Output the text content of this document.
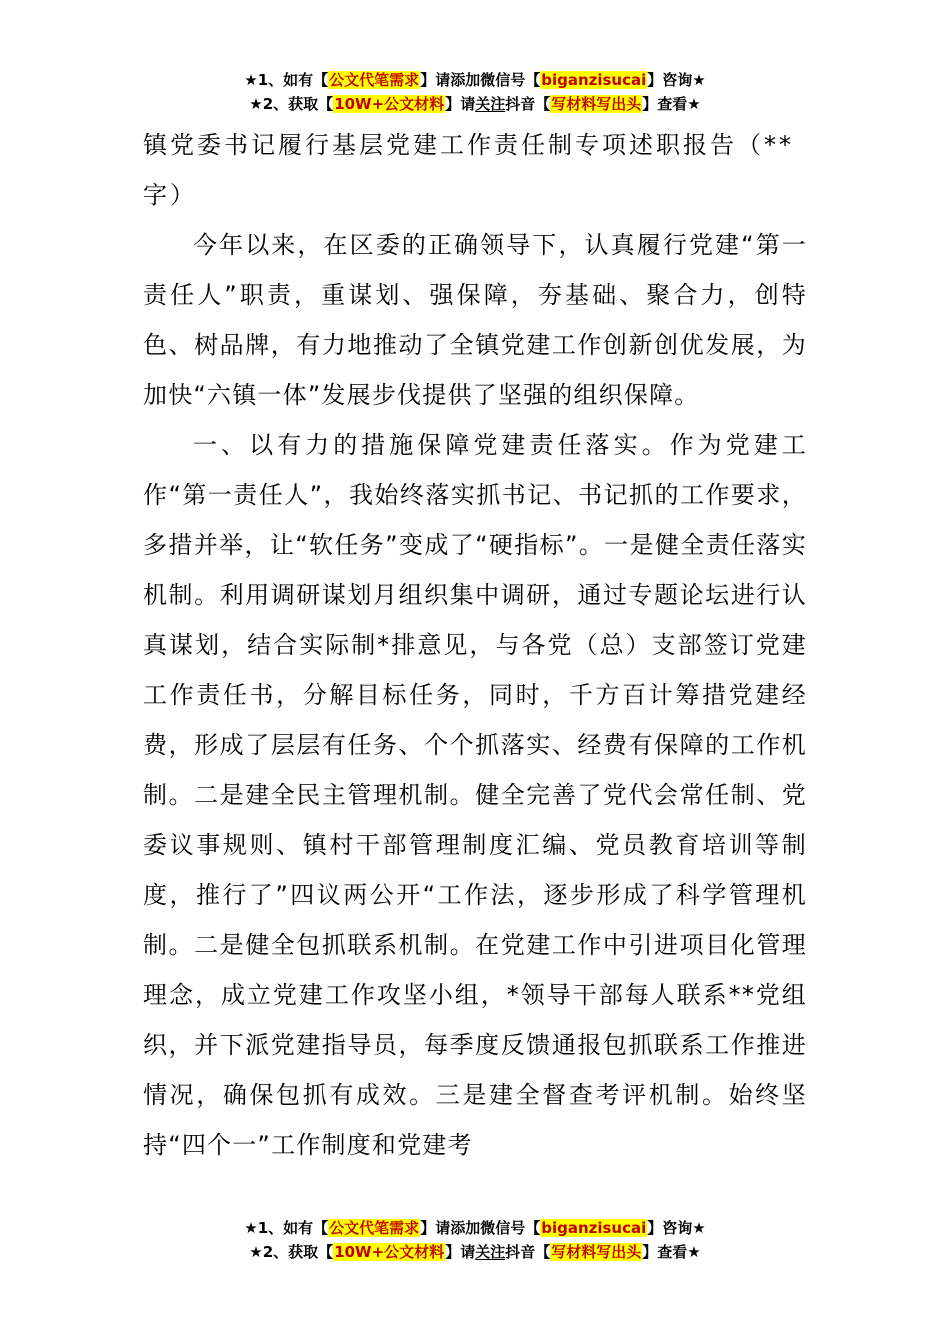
★1、如有【公文代笔需求】请添加微信号【biganzisucai】咨询★
★2、获取【10W+公文材料】请关注抖音【写材料写出头】查看★

镇党委书记履行基层党建工作责任制专项述职报告（**字）

今年以来，在区委的正确领导下，认真履行党建“第一责任人”职责，重谋划、强保障，夯基础、聚合力，创特色、树品牌，有力地推动了全镇党建工作创新创优发展，为加快“六镇一体”发展步伐提供了坚强的组织保障。

一、以有力的措施保障党建责任落实。作为党建工作“第一责任人”，我始终落实抓书记、书记抓的工作要求，多措并举，让“软任务”变成了“硬指标”。一是健全责任落实机制。利用调研谋划月组织集中调研，通过专题论坛进行认真谋划，结合实际制*排意见，与各党（总）支部签订党建工作责任书，分解目标任务，同时，千方百计筹措党建经费，形成了层层有任务、个个抓落实、经费有保障的工作机制。二是建全民主管理机制。健全完善了党代会常任制、党委议事规则、镇村干部管理制度汇编、党员教育培训等制度，推行了”四议两公开“工作法，逐步形成了科学管理机制。二是健全包抓联系机制。在党建工作中引进项目化管理理念，成立党建工作攻坚小组，*领导干部每人联系**党组织，并下派党建指导员，每季度反馈通报包抓联系工作推进情况，确保包抓有成效。三是建全督查考评机制。始终坚持“四个一”工作制度和党建考

★1、如有【公文代笔需求】请添加微信号【biganzisucai】咨询★
★2、获取【10W+公文材料】请关注抖音【写材料写出头】查看★
